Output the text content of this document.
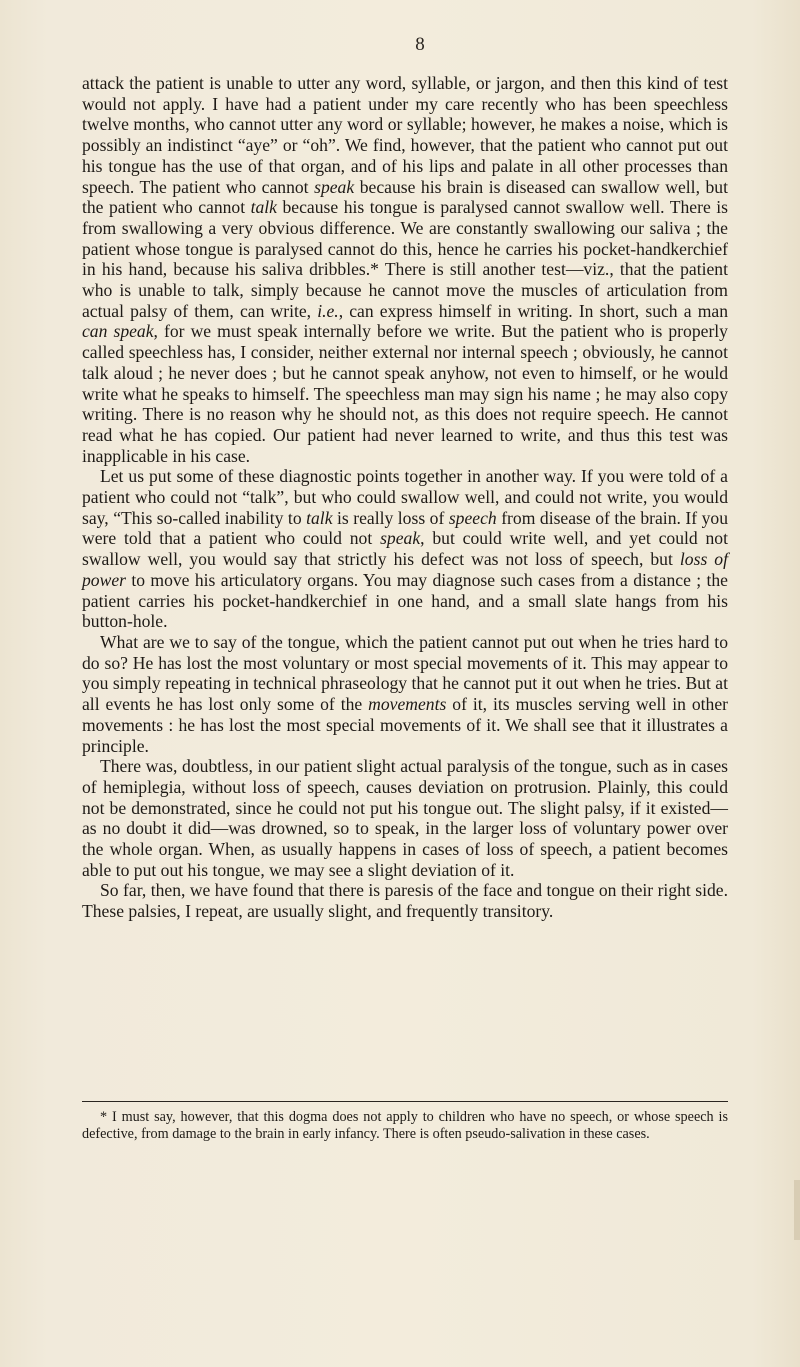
8

attack the patient is unable to utter any word, syllable, or jargon, and then this kind of test would not apply. I have had a patient under my care recently who has been speechless twelve months, who cannot utter any word or syllable; however, he makes a noise, which is possibly an indistinct “aye” or “oh”. We find, however, that the patient who cannot put out his tongue has the use of that organ, and of his lips and palate in all other processes than speech. The patient who cannot speak because his brain is diseased can swallow well, but the patient who cannot talk because his tongue is paralysed cannot swallow well. There is from swallowing a very obvious difference. We are constantly swallowing our saliva ; the patient whose tongue is paralysed cannot do this, hence he carries his pocket-handkerchief in his hand, because his saliva dribbles.* There is still another test—viz., that the patient who is unable to talk, simply because he cannot move the muscles of articulation from actual palsy of them, can write, i.e., can express himself in writing. In short, such a man can speak, for we must speak internally before we write. But the patient who is properly called speechless has, I consider, neither external nor internal speech ; obviously, he cannot talk aloud ; he never does ; but he cannot speak anyhow, not even to himself, or he would write what he speaks to himself. The speechless man may sign his name ; he may also copy writing. There is no reason why he should not, as this does not require speech. He cannot read what he has copied. Our patient had never learned to write, and thus this test was inapplicable in his case.

Let us put some of these diagnostic points together in another way. If you were told of a patient who could not “talk”, but who could swallow well, and could not write, you would say, “This so-called inability to talk is really loss of speech from disease of the brain. If you were told that a patient who could not speak, but could write well, and yet could not swallow well, you would say that strictly his defect was not loss of speech, but loss of power to move his articulatory organs. You may diagnose such cases from a distance ; the patient carries his pocket-handkerchief in one hand, and a small slate hangs from his button-hole.

What are we to say of the tongue, which the patient cannot put out when he tries hard to do so? He has lost the most voluntary or most special movements of it. This may appear to you simply repeating in technical phraseology that he cannot put it out when he tries. But at all events he has lost only some of the movements of it, its muscles serving well in other movements : he has lost the most special movements of it. We shall see that it illustrates a principle.

There was, doubtless, in our patient slight actual paralysis of the tongue, such as in cases of hemiplegia, without loss of speech, causes deviation on protrusion. Plainly, this could not be demonstrated, since he could not put his tongue out. The slight palsy, if it existed—as no doubt it did—was drowned, so to speak, in the larger loss of voluntary power over the whole organ. When, as usually happens in cases of loss of speech, a patient becomes able to put out his tongue, we may see a slight deviation of it.

So far, then, we have found that there is paresis of the face and tongue on their right side. These palsies, I repeat, are usually slight, and frequently transitory.

* I must say, however, that this dogma does not apply to children who have no speech, or whose speech is defective, from damage to the brain in early infancy. There is often pseudo-salivation in these cases.
